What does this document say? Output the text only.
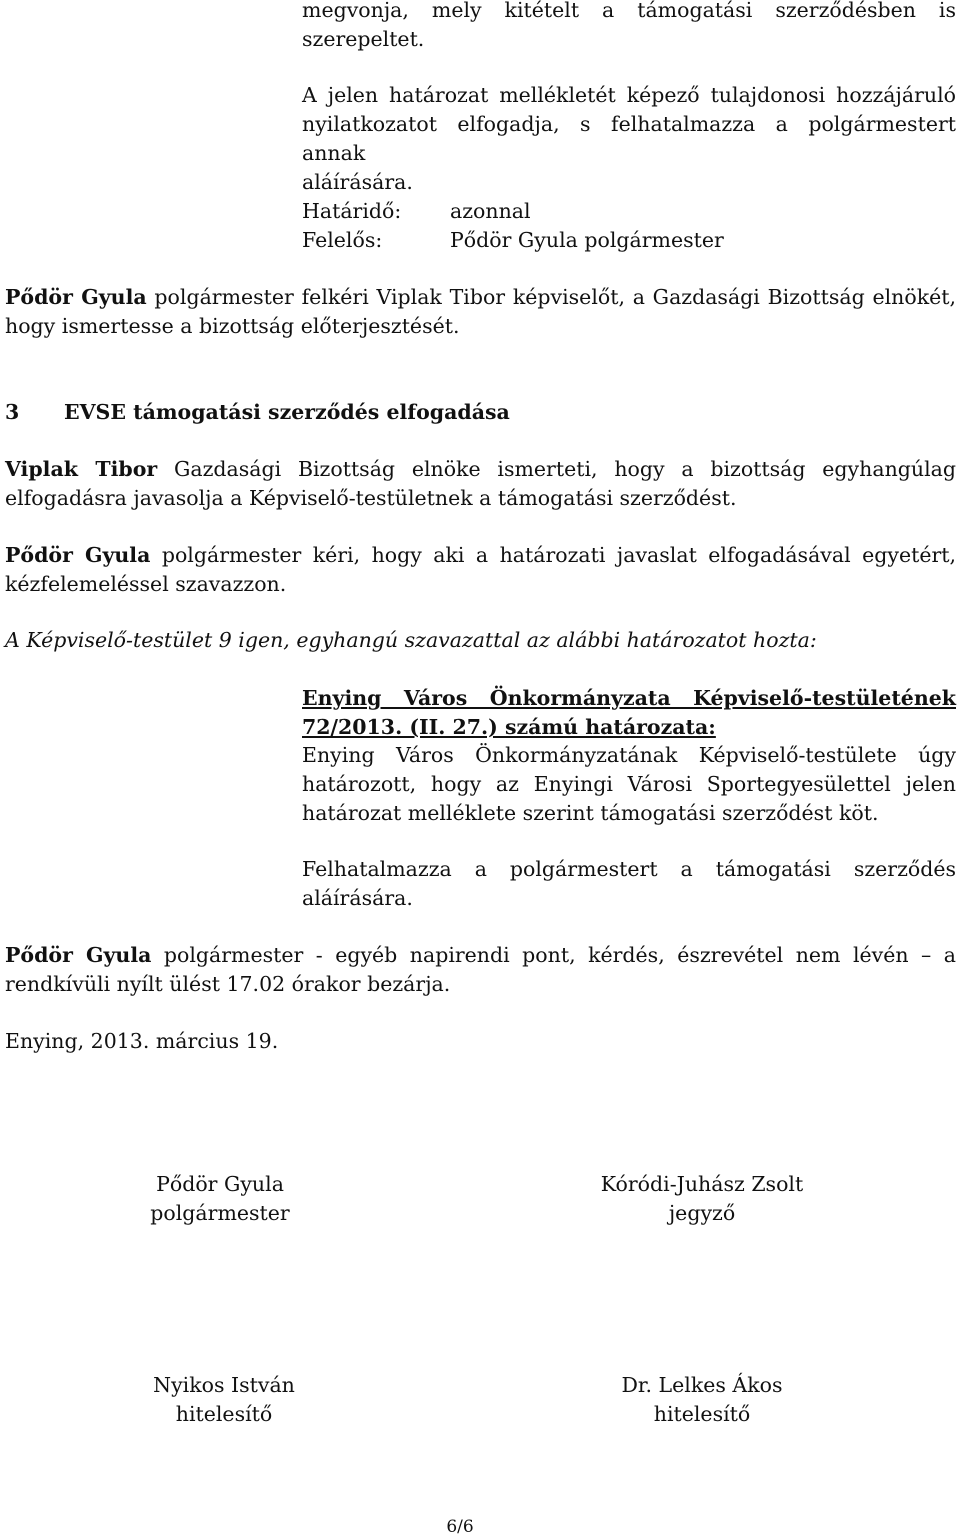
megvonja, mely kitételt a támogatási szerződésben is
szerepeltet.
A jelen határozat mellékletét képező tulajdonosi hozzájáruló
nyilatkozatot elfogadja, s felhatalmazza a polgármestert annak
aláírására.
Határidő: azonnal
Felelős:	Pődör Gyula polgármester
Pődör Gyula polgármester felkéri Viplak Tibor képviselőt, a Gazdasági Bizottság elnökét,
hogy ismertesse a bizottság előterjesztését.
3 EVSE támogatási szerződés elfogadása
Viplak Tibor Gazdasági Bizottság elnöke ismerteti, hogy a bizottság egyhangúlag
elfogadásra javasolja a Képviselő-testületnek a támogatási szerződést.
Pődör Gyula polgármester kéri, hogy aki a határozati javaslat elfogadásával egyetért,
kézfelemeléssel szavazzon.
A Képviselő-testület 9 igen, egyhangú szavazattal az alábbi határozatot hozta:
Enying Város Önkormányzata Képviselő-testületének
72/2013. (II. 27.) számú határozata:
Enying Város Önkormányzatának Képviselő-testülete úgy
határozott, hogy az Enyingi Városi Sportegyesülettel jelen
határozat melléklete szerint támogatási szerződést köt.
Felhatalmazza a polgármestert a támogatási szerződés
aláírására.
Pődör Gyula polgármester - egyéb napirendi pont, kérdés, észrevétel nem lévén – a
rendkívüli nyílt ülést 17.02 órakor bezárja.
Enying, 2013. március 19.
Pődör Gyula
polgármester
Kóródi-Juhász Zsolt
jegyző
Nyikos István
hitelesítő
Dr. Lelkes Ákos
hitelesítő
6/6
